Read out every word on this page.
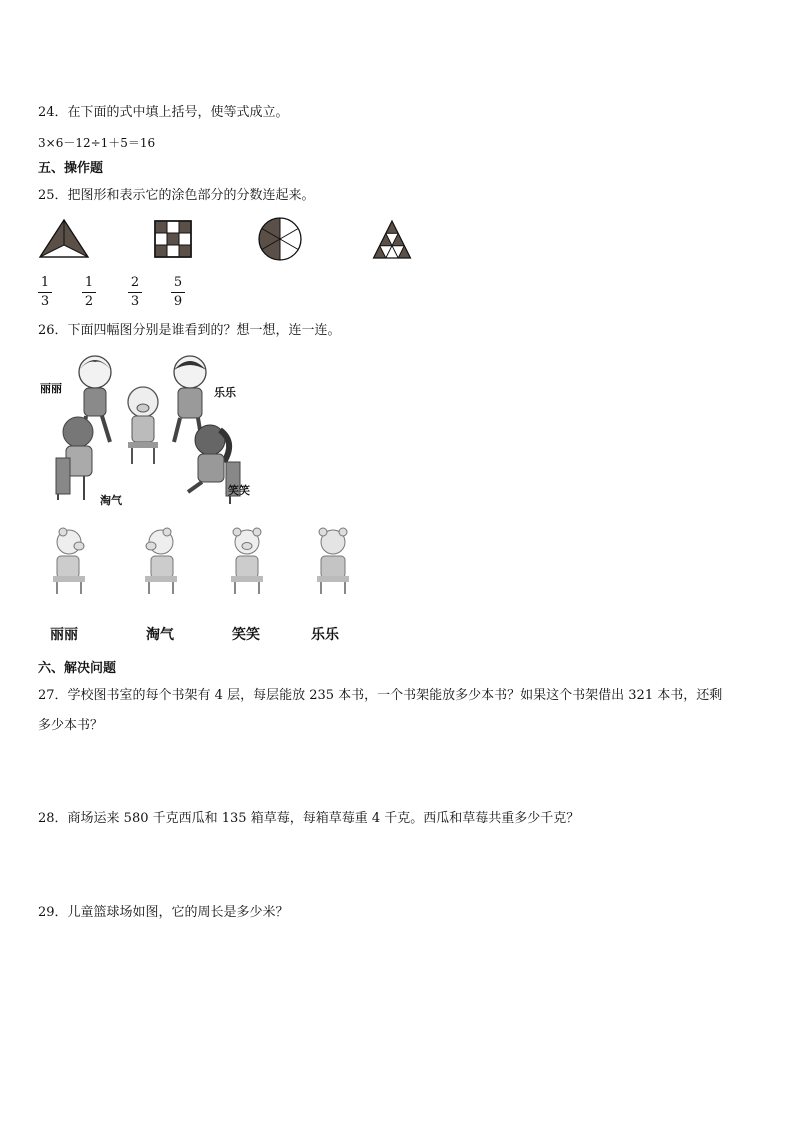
24．在下面的式中填上括号，使等式成立。
3×6－12÷1＋5＝16
五、操作题
25．把图形和表示它的涂色部分的分数连起来。
1
3
1
2
2
3
5
9
26．下面四幅图分别是谁看到的？想一想，连一连。
丽丽	乐乐
淘气
笑笑
丽丽	淘气	笑笑	乐乐
六、解决问题
27．学校图书室的每个书架有 4 层，每层能放 235 本书，一个书架能放多少本书？如果这个书架借出 321 本书，还剩
多少本书？
28．商场运来 580 千克西瓜和 135 箱草莓，每箱草莓重 4 千克。西瓜和草莓共重多少千克？
29．儿童篮球场如图，它的周长是多少米？
